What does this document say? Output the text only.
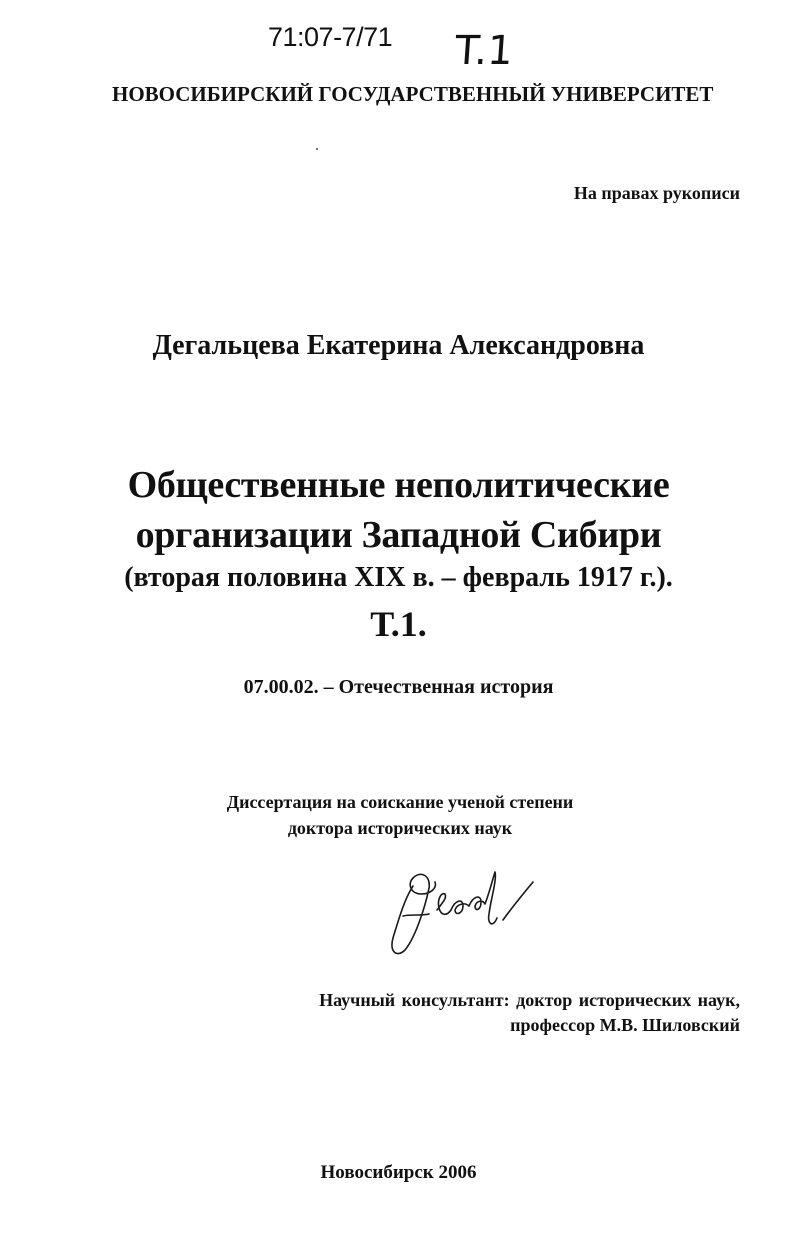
71:07-7/71 T.1
НОВОСИБИРСКИЙ ГОСУДАРСТВЕННЫЙ УНИВЕРСИТЕТ
На правах рукописи
Дегальцева Екатерина Александровна
Общественные неполитические
организации Западной Сибири
(вторая половина XIX в. – февраль 1917 г.).
Т.1.
07.00.02. – Отечественная история
Диссертация на соискание ученой степени
доктора исторических наук
Научный консультант: доктор исторических наук,
профессор М.В. Шиловский
Новосибирск 2006
